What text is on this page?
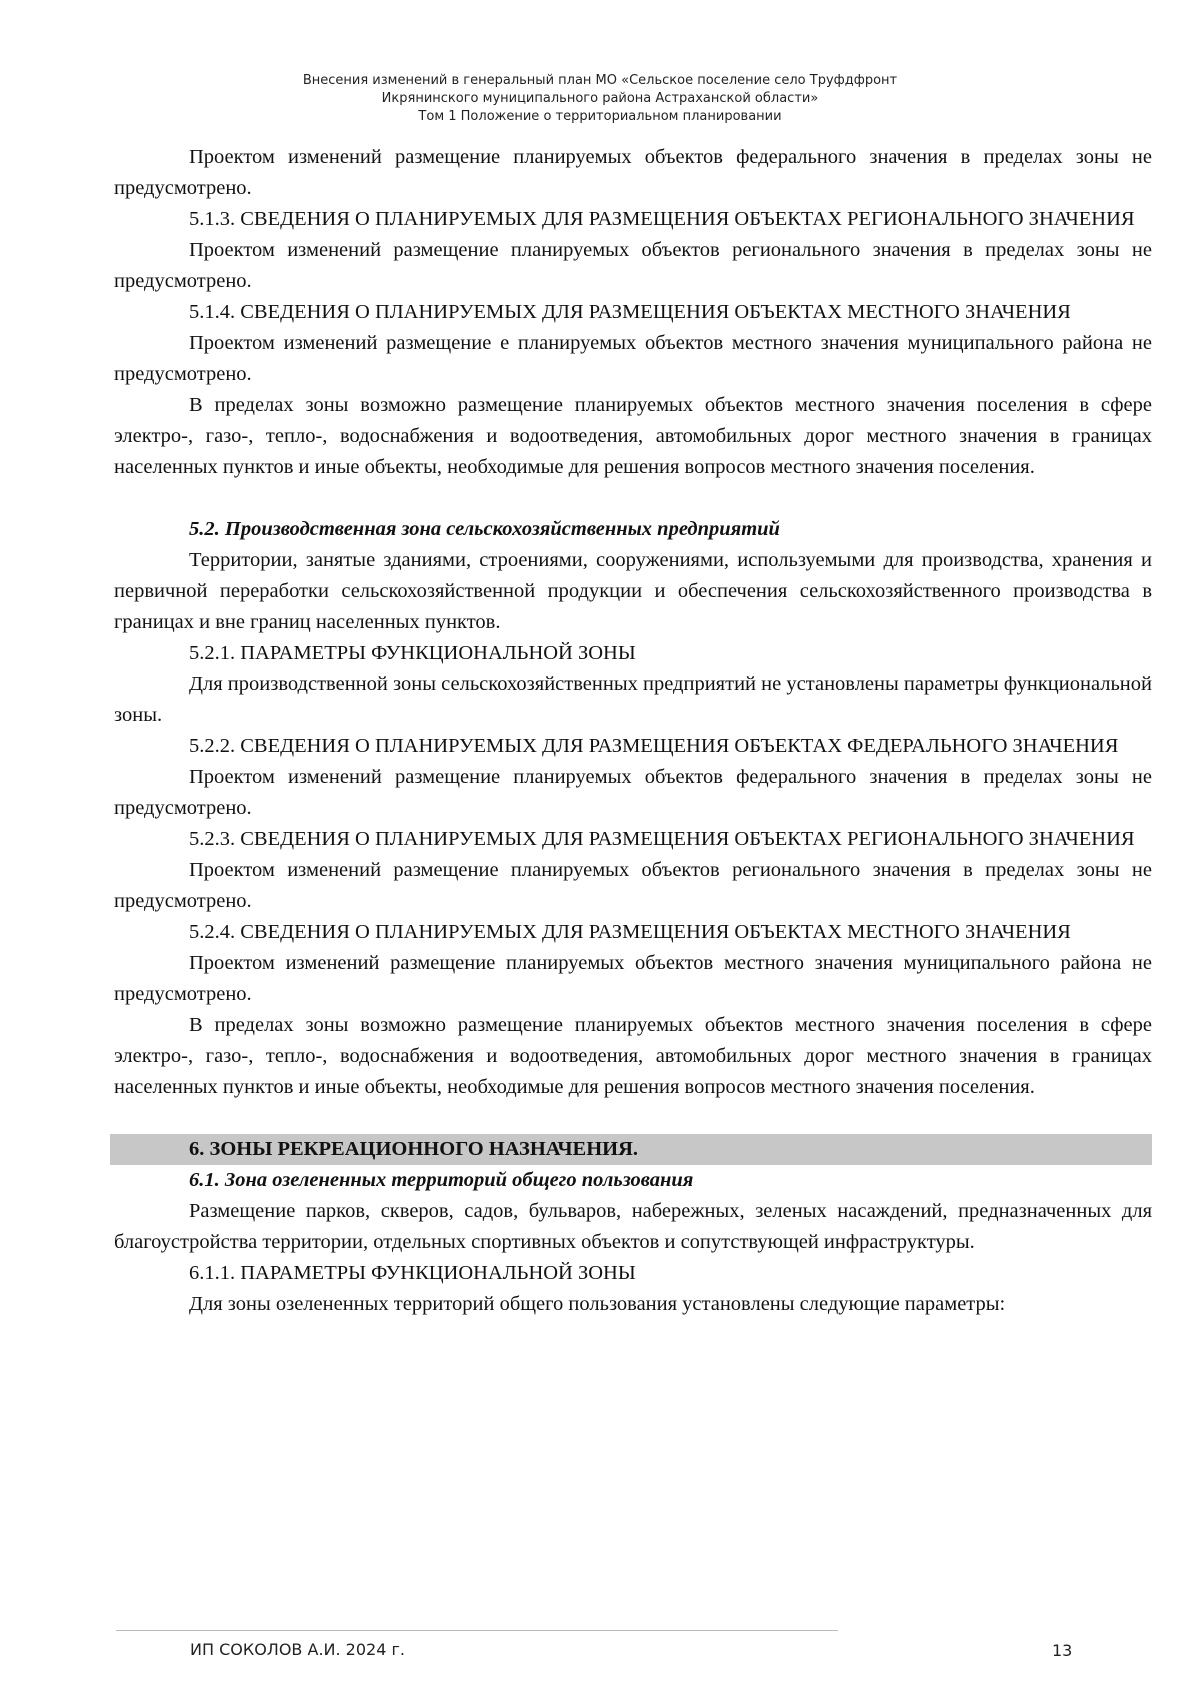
Внесения изменений в генеральный план МО «Сельское поселение село Труфдфронт
Икрянинского муниципального района Астраханской области»
Том 1 Положение о территориальном планировании

Проектом изменений размещение планируемых объектов федерального значения в пределах зоны не предусмотрено.

5.1.3. СВЕДЕНИЯ О ПЛАНИРУЕМЫХ ДЛЯ РАЗМЕЩЕНИЯ ОБЪЕКТАХ РЕГИОНАЛЬНОГО ЗНАЧЕНИЯ

Проектом изменений размещение планируемых объектов регионального значения в пределах зоны не предусмотрено.

5.1.4. СВЕДЕНИЯ О ПЛАНИРУЕМЫХ ДЛЯ РАЗМЕЩЕНИЯ ОБЪЕКТАХ МЕСТНОГО ЗНАЧЕНИЯ

Проектом изменений размещение е планируемых объектов местного значения муниципального района не предусмотрено.

В пределах зоны возможно размещение планируемых объектов местного значения поселения в сфере электро-, газо-, тепло-, водоснабжения и водоотведения, автомобильных дорог местного значения в границах населенных пунктов и иные объекты, необходимые для решения вопросов местного значения поселения.

5.2. Производственная зона сельскохозяйственных предприятий

Территории, занятые зданиями, строениями, сооружениями, используемыми для производства, хранения и первичной переработки сельскохозяйственной продукции и обеспечения сельскохозяйственного производства в границах и вне границ населенных пунктов.

5.2.1. ПАРАМЕТРЫ ФУНКЦИОНАЛЬНОЙ ЗОНЫ

Для производственной зоны сельскохозяйственных предприятий не установлены параметры функциональной зоны.

5.2.2. СВЕДЕНИЯ О ПЛАНИРУЕМЫХ ДЛЯ РАЗМЕЩЕНИЯ ОБЪЕКТАХ ФЕДЕРАЛЬНОГО ЗНАЧЕНИЯ

Проектом изменений размещение планируемых объектов федерального значения в пределах зоны не предусмотрено.

5.2.3. СВЕДЕНИЯ О ПЛАНИРУЕМЫХ ДЛЯ РАЗМЕЩЕНИЯ ОБЪЕКТАХ РЕГИОНАЛЬНОГО ЗНАЧЕНИЯ

Проектом изменений размещение планируемых объектов регионального значения в пределах зоны не предусмотрено.

5.2.4. СВЕДЕНИЯ О ПЛАНИРУЕМЫХ ДЛЯ РАЗМЕЩЕНИЯ ОБЪЕКТАХ МЕСТНОГО ЗНАЧЕНИЯ

Проектом изменений размещение планируемых объектов местного значения муниципального района не предусмотрено.

В пределах зоны возможно размещение планируемых объектов местного значения поселения в сфере электро-, газо-, тепло-, водоснабжения и водоотведения, автомобильных дорог местного значения в границах населенных пунктов и иные объекты, необходимые для решения вопросов местного значения поселения.

6. ЗОНЫ РЕКРЕАЦИОННОГО НАЗНАЧЕНИЯ.

6.1. Зона озелененных территорий общего пользования

Размещение парков, скверов, садов, бульваров, набережных, зеленых насаждений, предназначенных для благоустройства территории, отдельных спортивных объектов и сопутствующей инфраструктуры.

6.1.1. ПАРАМЕТРЫ ФУНКЦИОНАЛЬНОЙ ЗОНЫ

Для зоны озелененных территорий общего пользования установлены следующие параметры:

ИП СОКОЛОВ А.И. 2024 г.	13
